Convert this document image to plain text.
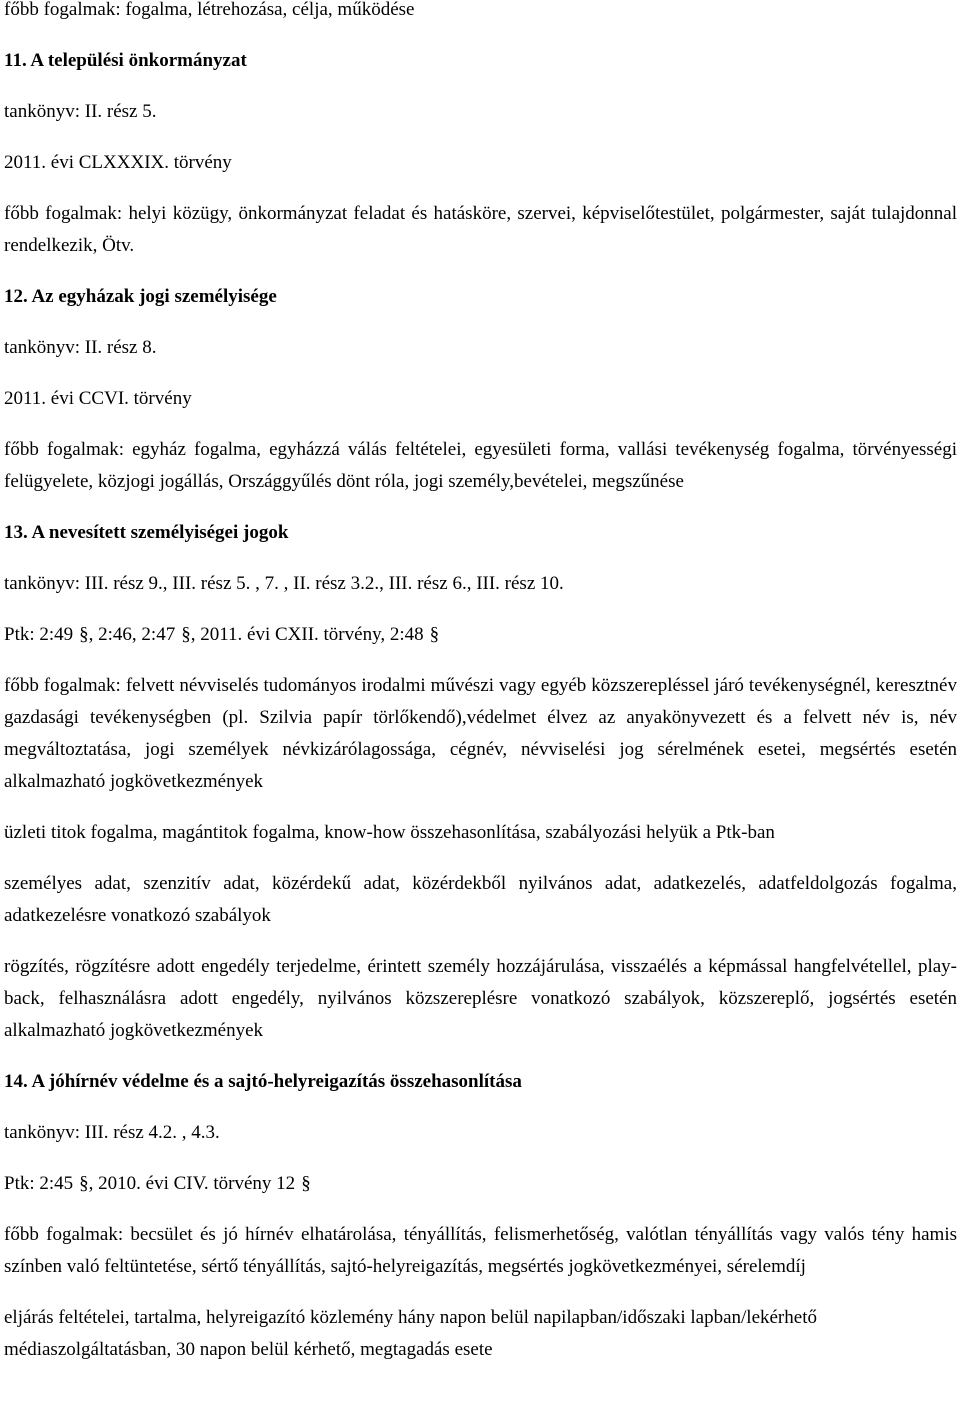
főbb fogalmak: fogalma, létrehozása, célja, működése

11. A települési önkormányzat

tankönyv: II. rész 5.

2011. évi CLXXXIX. törvény

főbb fogalmak: helyi közügy, önkormányzat feladat és hatásköre, szervei, képviselőtestület, polgármester, saját tulajdonnal rendelkezik, Ötv.

12. Az egyházak jogi személyisége

tankönyv: II. rész 8.

2011. évi CCVI. törvény

főbb fogalmak: egyház fogalma, egyházzá válás feltételei, egyesületi forma, vallási tevékenység fogalma, törvényességi felügyelete, közjogi jogállás, Országgyűlés dönt róla, jogi személy,bevételei, megszűnése

13. A nevesített személyiségei jogok

tankönyv: III. rész 9., III. rész 5. , 7. , II. rész 3.2., III. rész 6., III. rész 10.

Ptk: 2:49 §, 2:46, 2:47 §, 2011. évi CXII. törvény, 2:48 §

főbb fogalmak: felvett névviselés tudományos irodalmi művészi vagy egyéb közszerepléssel járó tevékenységnél, keresztnév gazdasági tevékenységben (pl. Szilvia papír törlőkendő),védelmet élvez az anyakönyvezett és a felvett név is, név megváltoztatása, jogi személyek névkizárólagossága, cégnév, névviselési jog sérelmének esetei, megsértés esetén alkalmazható jogkövetkezmények

üzleti titok fogalma, magántitok fogalma, know-how összehasonlítása, szabályozási helyük a Ptk-ban

személyes adat, szenzitív adat, közérdekű adat, közérdekből nyilvános adat, adatkezelés, adatfeldolgozás fogalma, adatkezelésre vonatkozó szabályok

rögzítés, rögzítésre adott engedély terjedelme, érintett személy hozzájárulása, visszaélés a képmással hangfelvétellel, play-back, felhasználásra adott engedély, nyilvános közszereplésre vonatkozó szabályok, közszereplő, jogsértés esetén alkalmazható jogkövetkezmények

14. A jóhírnév védelme és a sajtó-helyreigazítás összehasonlítása

tankönyv: III. rész 4.2. , 4.3.

Ptk: 2:45 §, 2010. évi CIV. törvény 12 §

főbb fogalmak: becsület és jó hírnév elhatárolása, tényállítás, felismerhetőség, valótlan tényállítás vagy valós tény hamis színben való feltüntetése, sértő tényállítás, sajtó-helyreigazítás, megsértés jogkövetkezményei, sérelemdíj

eljárás feltételei, tartalma, helyreigazító közlemény hány napon belül napilapban/időszaki lapban/lekérhető médiaszolgáltatásban, 30 napon belül kérhető, megtagadás esete
